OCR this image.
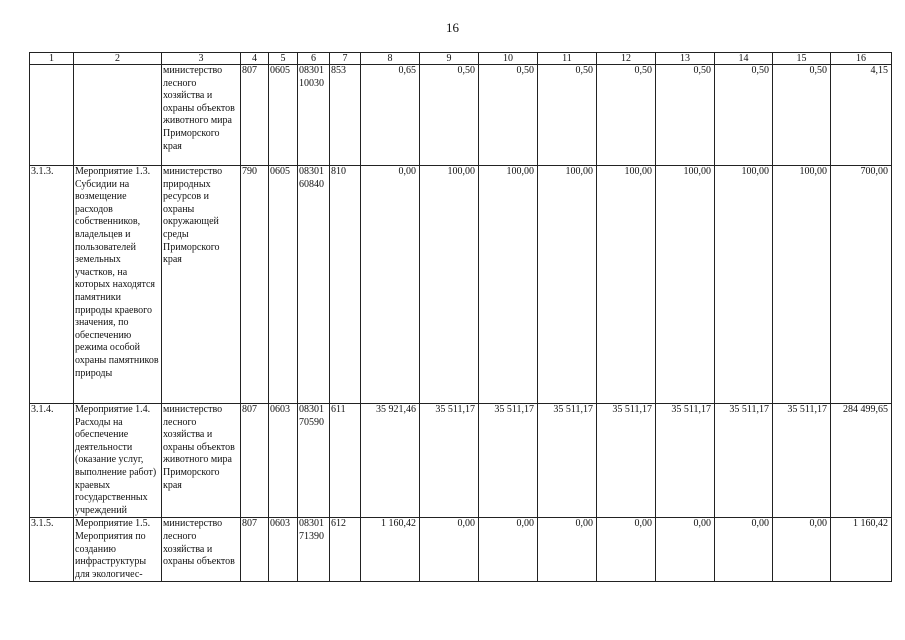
16
1	2	3	4	5	6	7	8	9	10	11	12	13	14	15	16
		министерство лесного хозяйства и охраны объектов животного мира Приморского края	807	0605	08301 10030	853	0,65	0,50	0,50	0,50	0,50	0,50	0,50	0,50	4,15
3.1.3.	Мероприятие 1.3. Субсидии на возмещение расходов собственников, владельцев и пользователей земельных участков, на которых находятся памятники природы краевого значения, по обеспечению режима особой охраны памятников природы	министерство природных ресурсов и охраны окружающей среды Приморского края	790	0605	08301 60840	810	0,00	100,00	100,00	100,00	100,00	100,00	100,00	100,00	700,00
3.1.4.	Мероприятие 1.4. Расходы на обеспечение деятельности (оказание услуг, выполнение работ) краевых государственных учреждений	министерство лесного хозяйства и охраны объектов животного мира Приморского края	807	0603	08301 70590	611	35 921,46	35 511,17	35 511,17	35 511,17	35 511,17	35 511,17	35 511,17	35 511,17	284 499,65
3.1.5.	Мероприятие 1.5. Мероприятия по созданию инфраструктуры для экологичес-	министерство лесного хозяйства и охраны объектов	807	0603	08301 71390	612	1 160,42	0,00	0,00	0,00	0,00	0,00	0,00	0,00	1 160,42
